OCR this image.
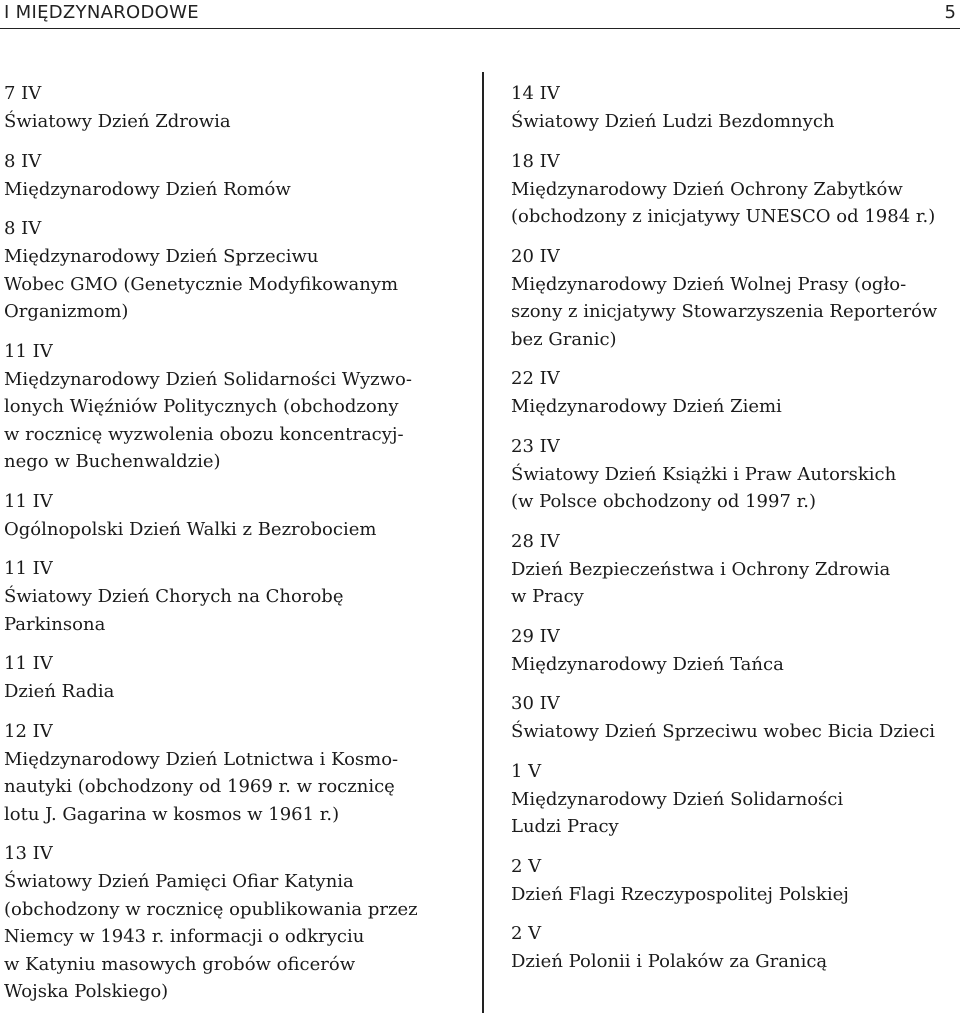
I MIĘDZYNARODOWE	5
7 IV
Światowy Dzień Zdrowia
8 IV
Międzynarodowy Dzień Romów
8 IV
Międzynarodowy Dzień Sprzeciwu
Wobec GMO (Genetycznie Modyfikowanym
Organizmom)
11 IV
Międzynarodowy Dzień Solidarności Wyzwo-
lonych Więźniów Politycznych (obchodzony
w rocznicę wyzwolenia obozu koncentracyj-
nego w Buchenwaldzie)
11 IV
Ogólnopolski Dzień Walki z Bezrobociem
11 IV
Światowy Dzień Chorych na Chorobę
Parkinsona
11 IV
Dzień Radia
12 IV
Międzynarodowy Dzień Lotnictwa i Kosmo-
nautyki (obchodzony od 1969 r. w rocznicę
lotu J. Gagarina w kosmos w 1961 r.)
13 IV
Światowy Dzień Pamięci Ofiar Katynia
(obchodzony w rocznicę opublikowania przez
Niemcy w 1943 r. informacji o odkryciu
w Katyniu masowych grobów oficerów
Wojska Polskiego)
14 IV
Światowy Dzień Ludzi Bezdomnych
18 IV
Międzynarodowy Dzień Ochrony Zabytków
(obchodzony z inicjatywy UNESCO od 1984 r.)
20 IV
Międzynarodowy Dzień Wolnej Prasy (ogło-
szony z inicjatywy Stowarzyszenia Reporterów
bez Granic)
22 IV
Międzynarodowy Dzień Ziemi
23 IV
Światowy Dzień Książki i Praw Autorskich
(w Polsce obchodzony od 1997 r.)
28 IV
Dzień Bezpieczeństwa i Ochrony Zdrowia
w Pracy
29 IV
Międzynarodowy Dzień Tańca
30 IV
Światowy Dzień Sprzeciwu wobec Bicia Dzieci
1 V
Międzynarodowy Dzień Solidarności
Ludzi Pracy
2 V
Dzień Flagi Rzeczypospolitej Polskiej
2 V
Dzień Polonii i Polaków za Granicą
